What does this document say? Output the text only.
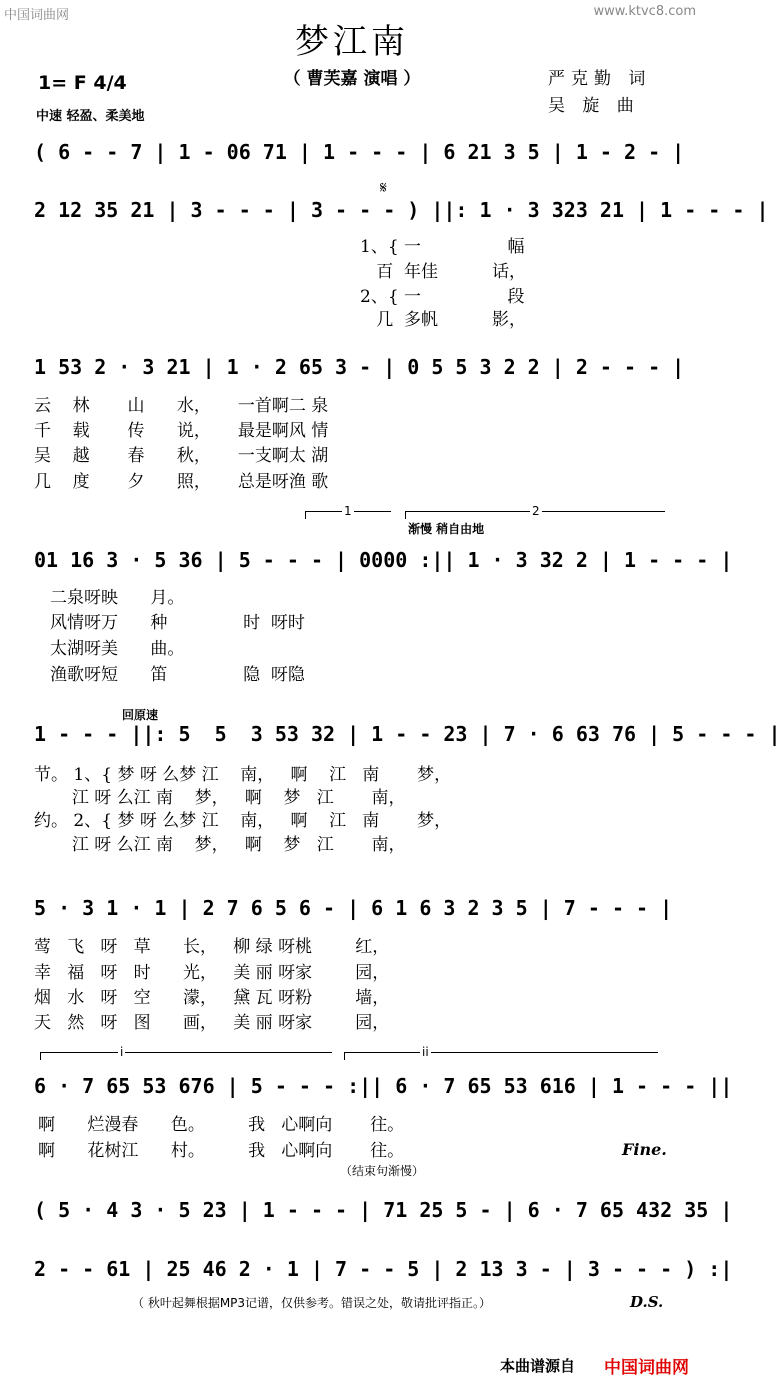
中国词曲网	www.ktvc8.com
梦江南
（ 曹芙嘉 演唱 ）	严克勤 词
吴 旋 曲
1= F 4/4
中速 轻盈、柔美地
( 6 - - 7 | 1 - 06 71 | 1 - - - | 6 21 3 5 | 1 - 2 - |
𝄋
2 12 35 21 | 3 - - - | 3 - - - ) ||: 1 · 3 323 21 | 1 - - - |
1、{ 一                幅
百  年佳          话，
2、{ 一                段
几  多帆          影，
1 53 2 · 3 21 | 1 · 2 65 3 - | 0 5 5 3 2 2 | 2 - - - |
云    林       山      水，     一首啊二 泉
千    载       传      说，     最是啊风 情
吴    越       春      秋，     一支啊太 湖
几    度       夕      照，     总是呀渔 歌
1	2
渐慢 稍自由地
01 16 3 · 5 36 | 5 - - - | 0000 :|| 1 · 3 32 2 | 1 - - - |
二泉呀映      月。
风情呀万      种              时  呀时
太湖呀美      曲。
渔歌呀短      笛              隐  呀隐
回原速
1 - - - ||: 5  5  3 53 32 | 1 - - 23 | 7 · 6 63 76 | 5 - - - |
节。 1、{ 梦 呀 么梦 江    南，   啊    江   南       梦，
江 呀 么江 南    梦，   啊    梦   江       南，
约。 2、{ 梦 呀 么梦 江    南，   啊    江   南       梦，
江 呀 么江 南    梦，   啊    梦   江       南，
5 · 3 1 · 1 | 2 7 6 5 6 - | 6 1 6 3 2 3 5 | 7 - - - |
莺   飞   呀   草      长，   柳 绿 呀桃        红，
幸   福   呀   时      光，   美 丽 呀家        园，
烟   水   呀   空      濛，   黛 瓦 呀粉        墙，
天   然   呀   图      画，   美 丽 呀家        园，
i	ii
6 · 7 65 53 676 | 5 - - - :|| 6 · 7 65 53 616 | 1 - - - ||
啊      烂漫春      色。        我   心啊向       往。
啊      花树江      村。        我   心啊向       往。	Fine.
（结束句渐慢）
( 5 · 4 3 · 5 23 | 1 - - - | 71 25 5 - | 6 · 7 65 432 35 |
2 - - 61 | 25 46 2 · 1 | 7 - - 5 | 2 13 3 - | 3 - - - ) :|
（ 秋叶起舞根据MP3记谱，仅供参考。错误之处，敬请批评指正。）	D.S.
本曲谱源自 中国词曲网
